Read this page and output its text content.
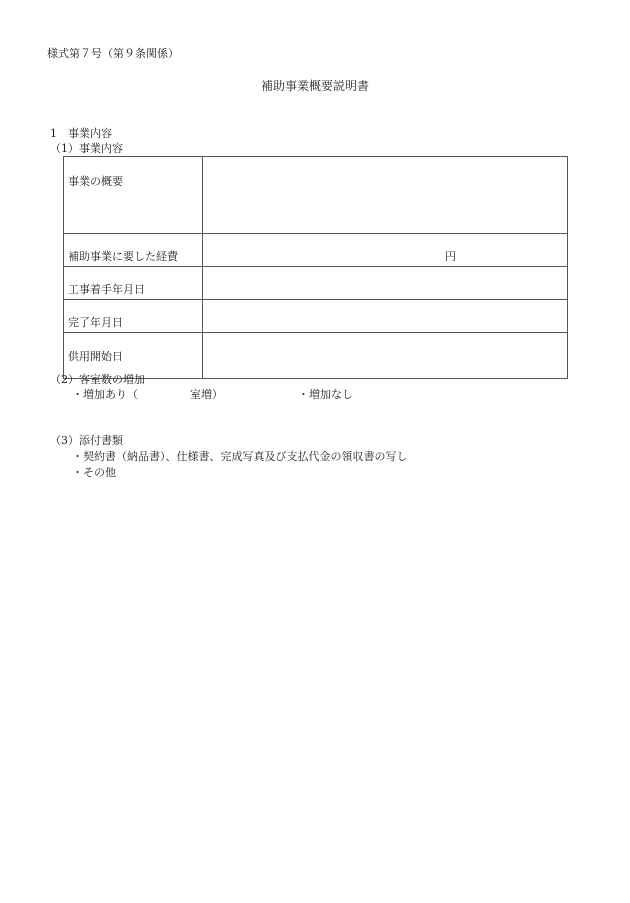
様式第７号（第９条関係）
補助事業概要説明書
1 事業内容
（1）事業内容
事業の概要	
補助事業に要した経費	円
工事着手年月日	
完了年月日	
供用開始日	
（2）客室数の増加
・増加あり（	室増）	・増加なし
（3）添付書類
・契約書（納品書）、仕様書、完成写真及び支払代金の領収書の写し
・その他
